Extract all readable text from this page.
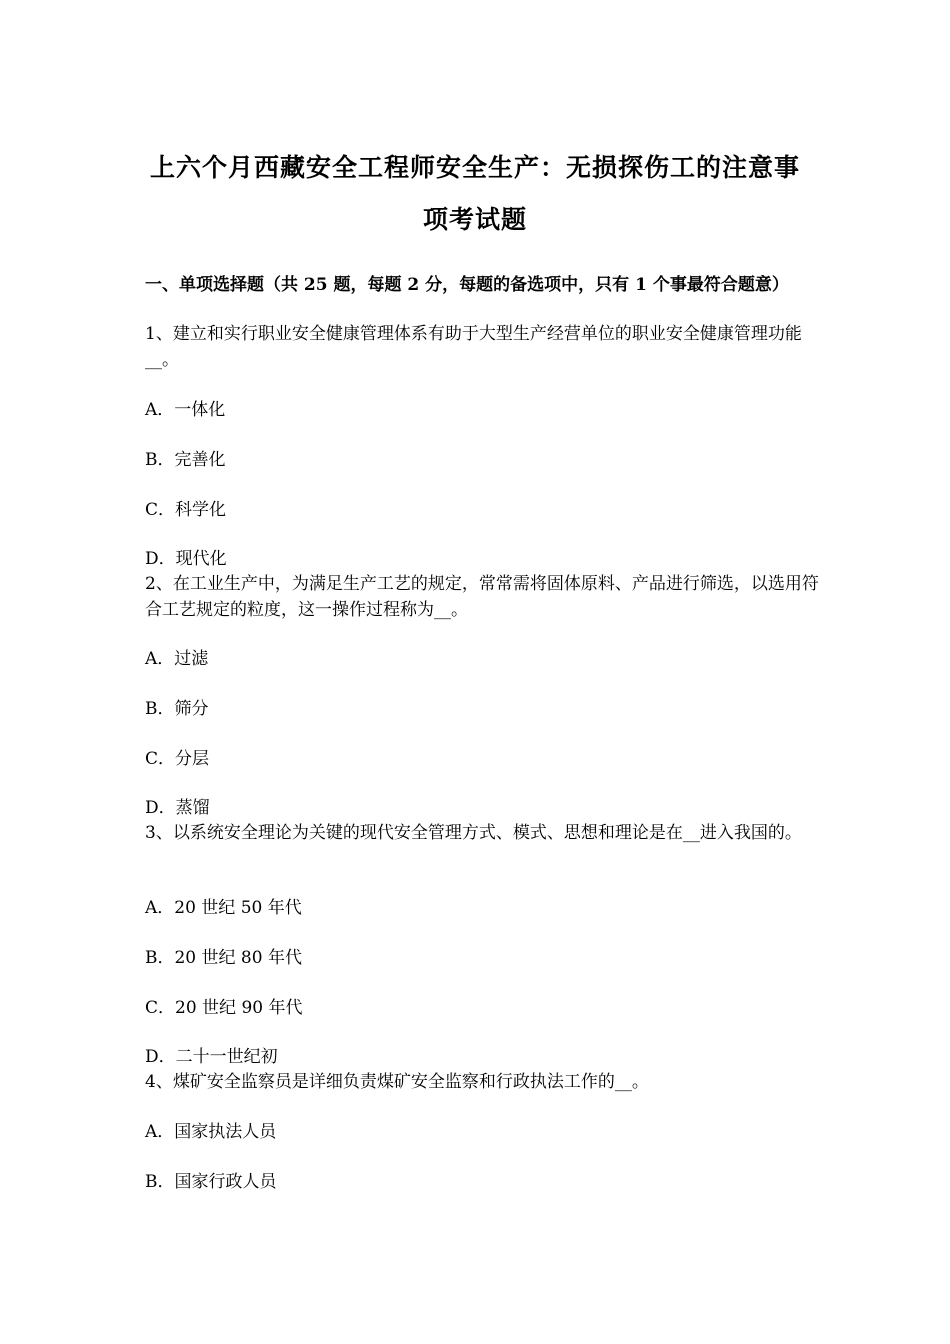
上六个月西藏安全工程师安全生产：无损探伤工的注意事
项考试题
一、单项选择题（共 25 题，每题 2 分，每题的备选项中，只有 1 个事最符合题意）
1、建立和实行职业安全健康管理体系有助于大型生产经营单位的职业安全健康管理功能__。
A．一体化
B．完善化
C．科学化
D．现代化
2、在工业生产中，为满足生产工艺的规定，常常需将固体原料、产品进行筛选，以选用符合工艺规定的粒度，这一操作过程称为__。
A．过滤
B．筛分
C．分层
D．蒸馏
3、以系统安全理论为关键的现代安全管理方式、模式、思想和理论是在__进入我国的。
A．20 世纪 50 年代
B．20 世纪 80 年代
C．20 世纪 90 年代
D．二十一世纪初
4、煤矿安全监察员是详细负责煤矿安全监察和行政执法工作的__。
A．国家执法人员
B．国家行政人员
